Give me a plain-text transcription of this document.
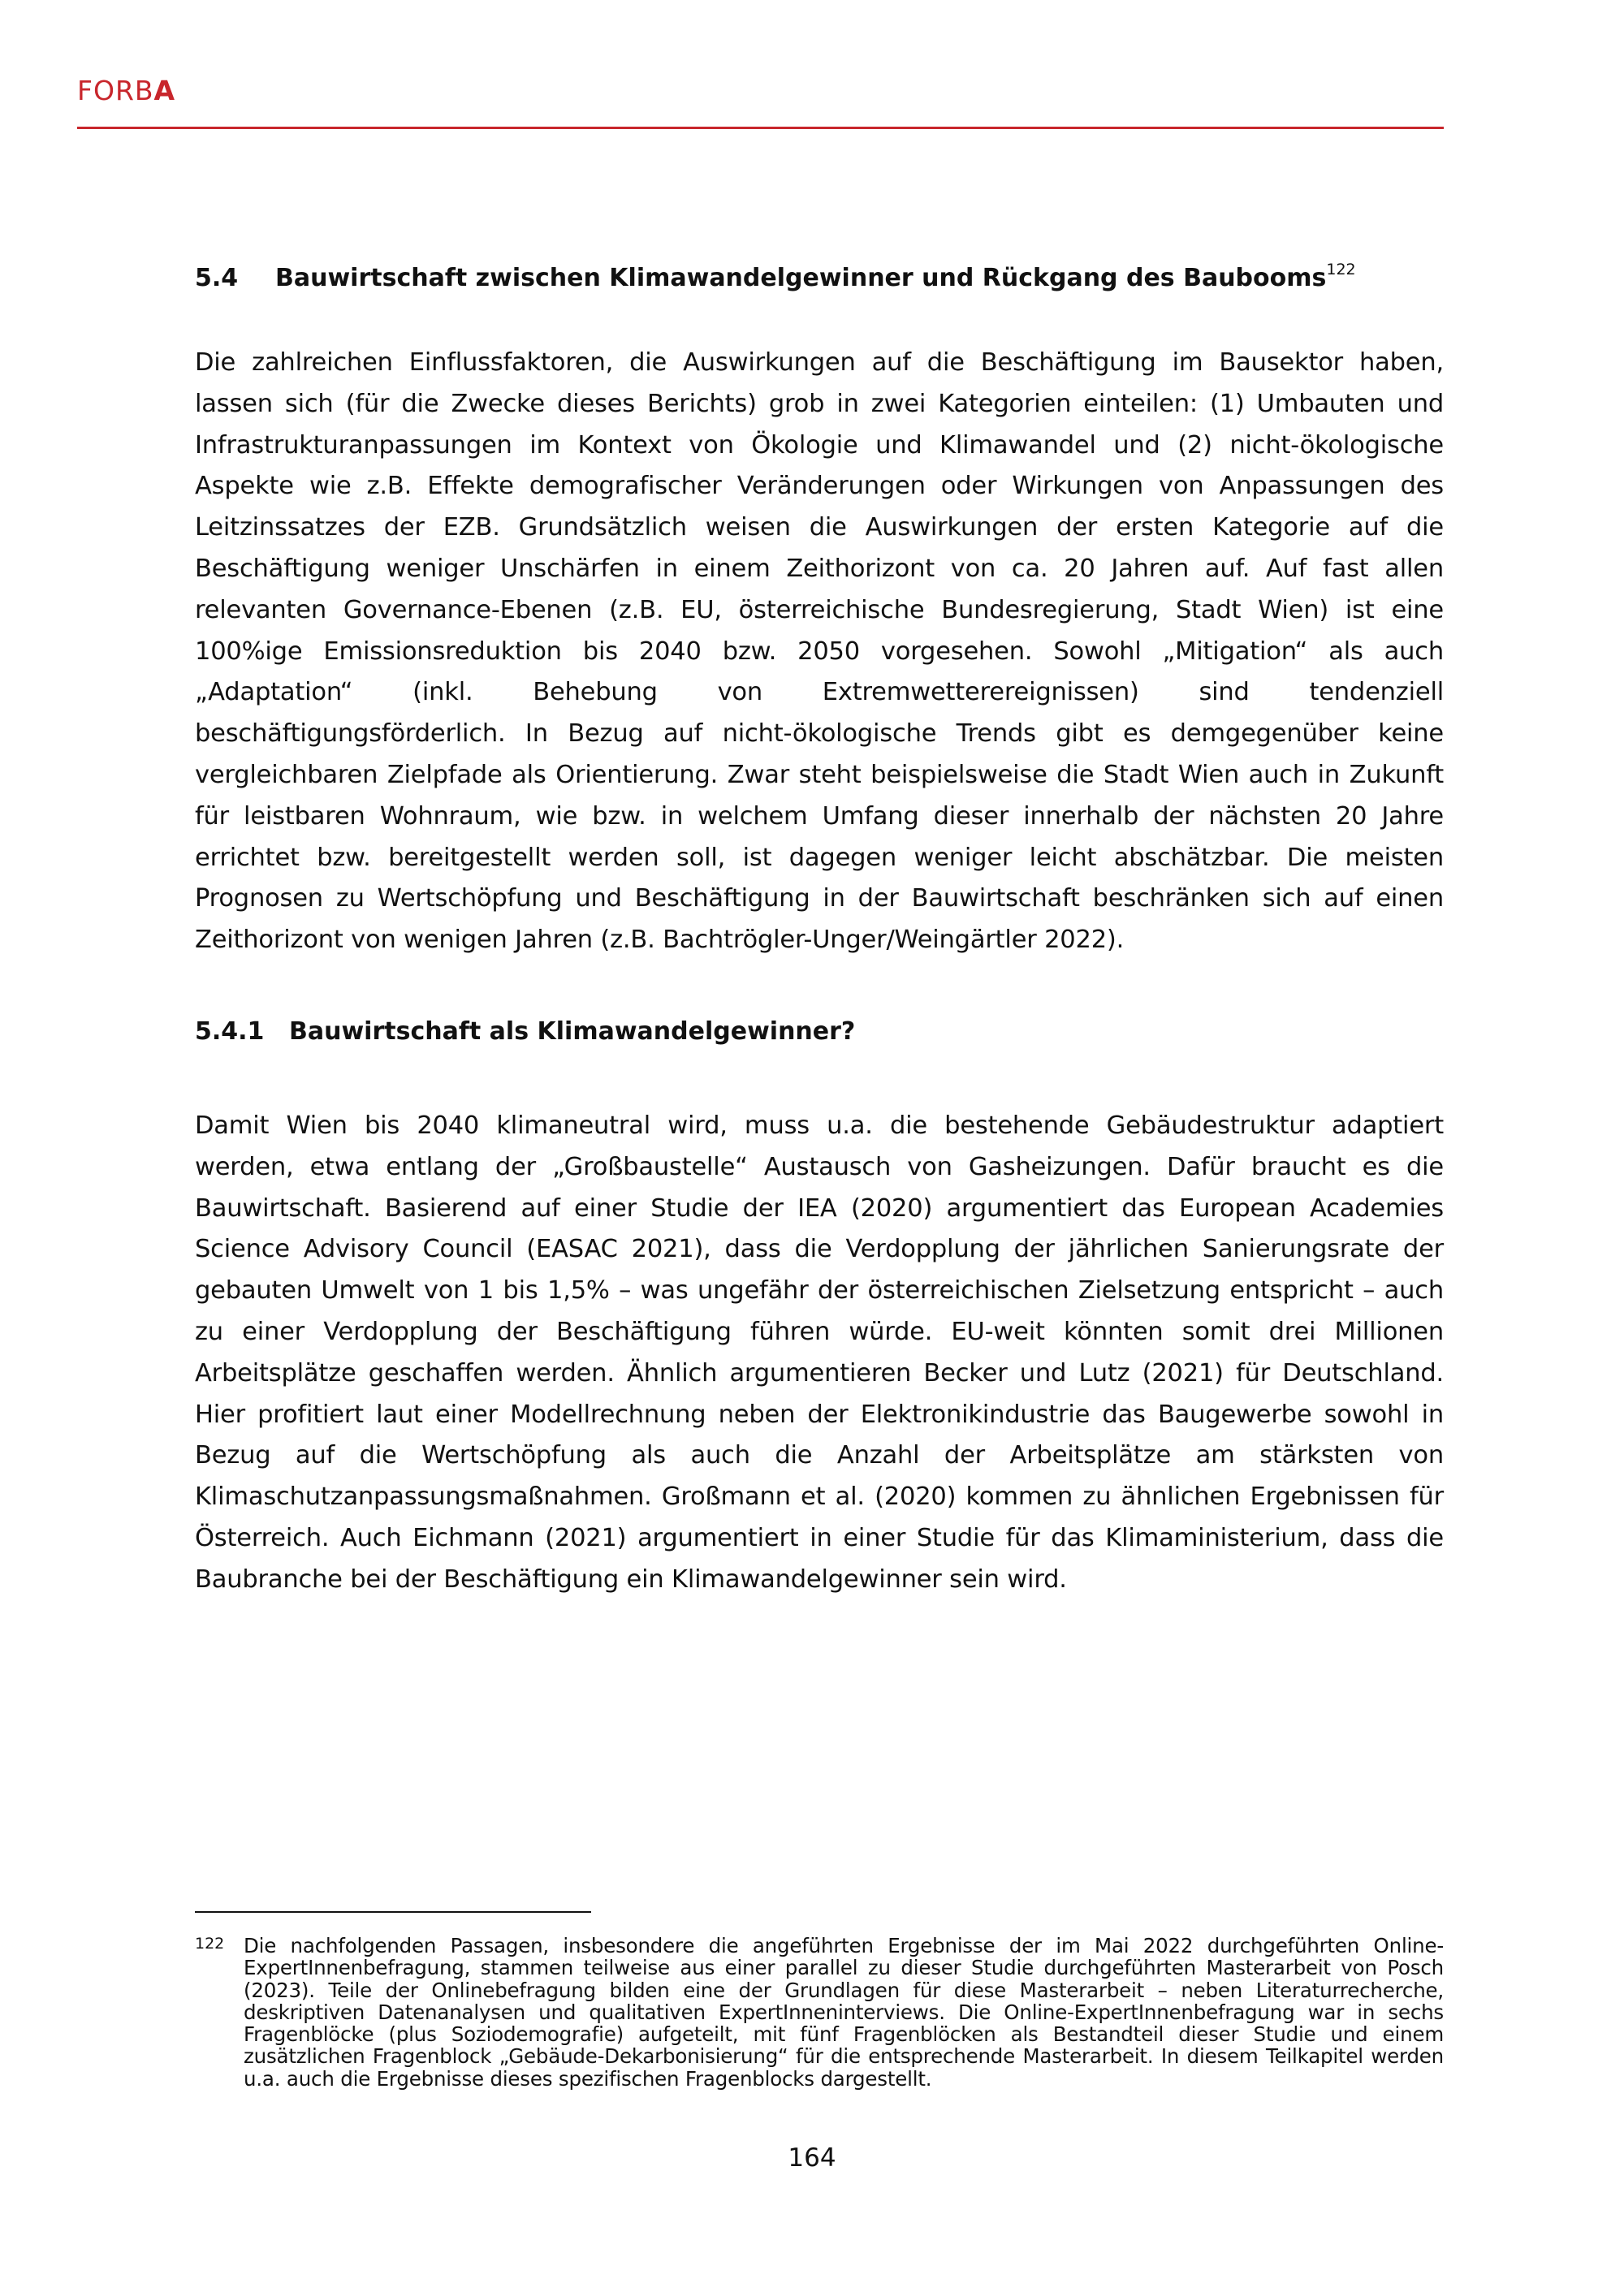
FORBA
5.4 Bauwirtschaft zwischen Klimawandelgewinner und Rückgang des Baubooms$^{122}$

Die zahlreichen Einflussfaktoren, die Auswirkungen auf die Beschäftigung im Bausektor haben, lassen sich (für die Zwecke dieses Berichts) grob in zwei Kategorien einteilen: (1) Umbauten und Infrastrukturanpassungen im Kontext von Ökologie und Klimawandel und (2) nicht-ökologische Aspekte wie z.B. Effekte demografischer Veränderungen oder Wirkungen von Anpassungen des Leitzinssatzes der EZB. Grundsätzlich weisen die Auswirkungen der ersten Kategorie auf die Beschäftigung weniger Unschärfen in einem Zeithorizont von ca. 20 Jahren auf. Auf fast allen relevanten Governance-Ebenen (z.B. EU, österreichische Bundesregierung, Stadt Wien) ist eine 100%ige Emissionsreduktion bis 2040 bzw. 2050 vorgesehen. Sowohl „Mitigation“ als auch „Adaptation“ (inkl. Behebung von Extremwetterereignissen) sind tendenziell beschäftigungsförderlich. In Bezug auf nicht-ökologische Trends gibt es demgegenüber keine vergleichbaren Zielpfade als Orientierung. Zwar steht beispielsweise die Stadt Wien auch in Zukunft für leistbaren Wohnraum, wie bzw. in welchem Umfang dieser innerhalb der nächsten 20 Jahre errichtet bzw. bereitgestellt werden soll, ist dagegen weniger leicht abschätzbar. Die meisten Prognosen zu Wertschöpfung und Beschäftigung in der Bauwirtschaft beschränken sich auf einen Zeithorizont von wenigen Jahren (z.B. Bachtrögler-Unger/Weingärtler 2022).

5.4.1 Bauwirtschaft als Klimawandelgewinner?

Damit Wien bis 2040 klimaneutral wird, muss u.a. die bestehende Gebäudestruktur adaptiert werden, etwa entlang der „Großbaustelle“ Austausch von Gasheizungen. Dafür braucht es die Bauwirtschaft. Basierend auf einer Studie der IEA (2020) argumentiert das European Academies Science Advisory Council (EASAC 2021), dass die Verdopplung der jährlichen Sanierungsrate der gebauten Umwelt von 1 bis 1,5% – was ungefähr der österreichischen Zielsetzung entspricht – auch zu einer Verdopplung der Beschäftigung führen würde. EU-weit könnten somit drei Millionen Arbeitsplätze geschaffen werden. Ähnlich argumentieren Becker und Lutz (2021) für Deutschland. Hier profitiert laut einer Modellrechnung neben der Elektronikindustrie das Baugewerbe sowohl in Bezug auf die Wertschöpfung als auch die Anzahl der Arbeitsplätze am stärksten von Klimaschutzanpassungsmaßnahmen. Großmann et al. (2020) kommen zu ähnlichen Ergebnissen für Österreich. Auch Eichmann (2021) argumentiert in einer Studie für das Klimaministerium, dass die Baubranche bei der Beschäftigung ein Klimawandelgewinner sein wird.

122 Die nachfolgenden Passagen, insbesondere die angeführten Ergebnisse der im Mai 2022 durchgeführten Online-ExpertInnenbefragung, stammen teilweise aus einer parallel zu dieser Studie durchgeführten Masterarbeit von Posch (2023). Teile der Onlinebefragung bilden eine der Grundlagen für diese Masterarbeit – neben Literaturrecherche, deskriptiven Datenanalysen und qualitativen ExpertInneninterviews. Die Online-ExpertInnenbefragung war in sechs Fragenblöcke (plus Soziodemografie) aufgeteilt, mit fünf Fragenblöcken als Bestandteil dieser Studie und einem zusätzlichen Fragenblock „Gebäude-Dekarbonisierung“ für die entsprechende Masterarbeit. In diesem Teilkapitel werden u.a. auch die Ergebnisse dieses spezifischen Fragenblocks dargestellt.
164
